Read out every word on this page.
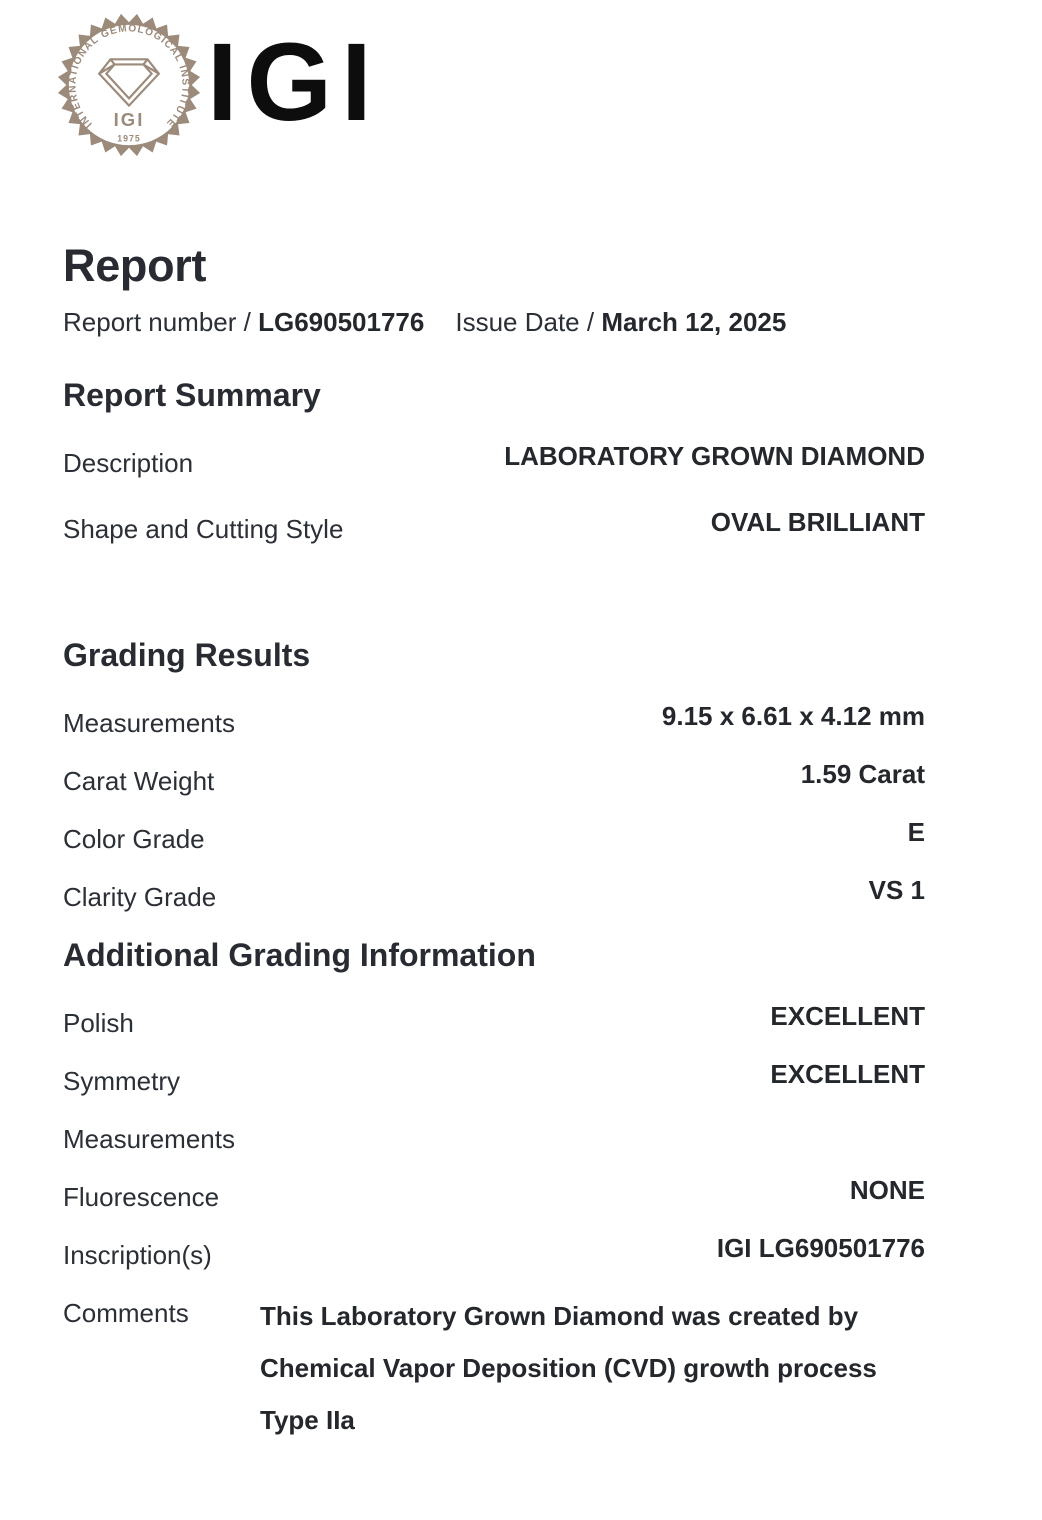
INTERNATIONAL GEMOLOGICAL INSTITUTE
IGI
1975 IGI
Report
Report number / LG690501776 Issue Date / March 12, 2025
Report Summary
Description	LABORATORY GROWN DIAMOND
Shape and Cutting Style	OVAL BRILLIANT
Grading Results
Measurements	9.15 x 6.61 x 4.12 mm
Carat Weight	1.59 Carat
Color Grade	E
Clarity Grade	VS 1
Additional Grading Information
Polish	EXCELLENT
Symmetry	EXCELLENT
Measurements
Fluorescence	NONE
Inscription(s)	IGI LG690501776
Comments	This Laboratory Grown Diamond was created by Chemical Vapor Deposition (CVD) growth process Type IIa
